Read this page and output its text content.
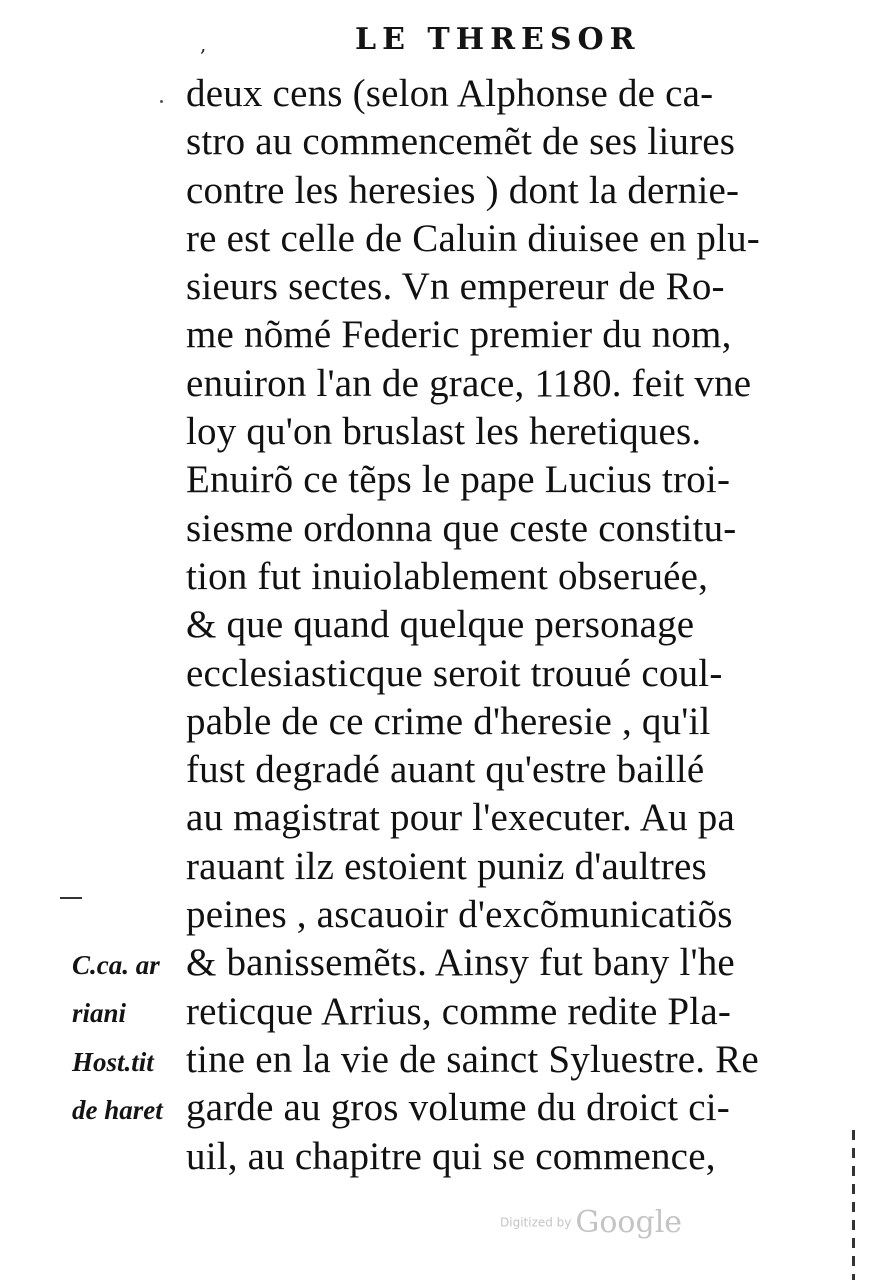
LE THRESOR
,
deux cens (selon Alphonse de ca-
stro au commencemẽt de ses liures
contre les heresies ) dont la dernie-
re est celle de Caluin diuisee en plu-
sieurs sectes. Vn empereur de Ro-
me nõmé Federic premier du nom,
enuiron l'an de grace, 1180. feit vne
loy qu'on bruslast les heretiques.
Enuirõ ce tẽps le pape Lucius troi-
siesme ordonna que ceste constitu-
tion fut inuiolablement obseruée,
& que quand quelque personage
ecclesiasticque seroit trouué coul-
pable de ce crime d'heresie , qu'il
fust degradé auant qu'estre baillé
au magistrat pour l'executer. Au pa
rauant ilz estoient puniz d'aultres
peines , ascauoir d'excõmunicatiõs
& banissemẽts. Ainsy fut bany l'he
reticque Arrius, comme redite Pla-
tine en la vie de sainct Syluestre. Re
garde au gros volume du droict ci-
uil, au chapitre qui se commence,
C.ca. ar
riani
Host.tit
de haret
Digitized by Google
